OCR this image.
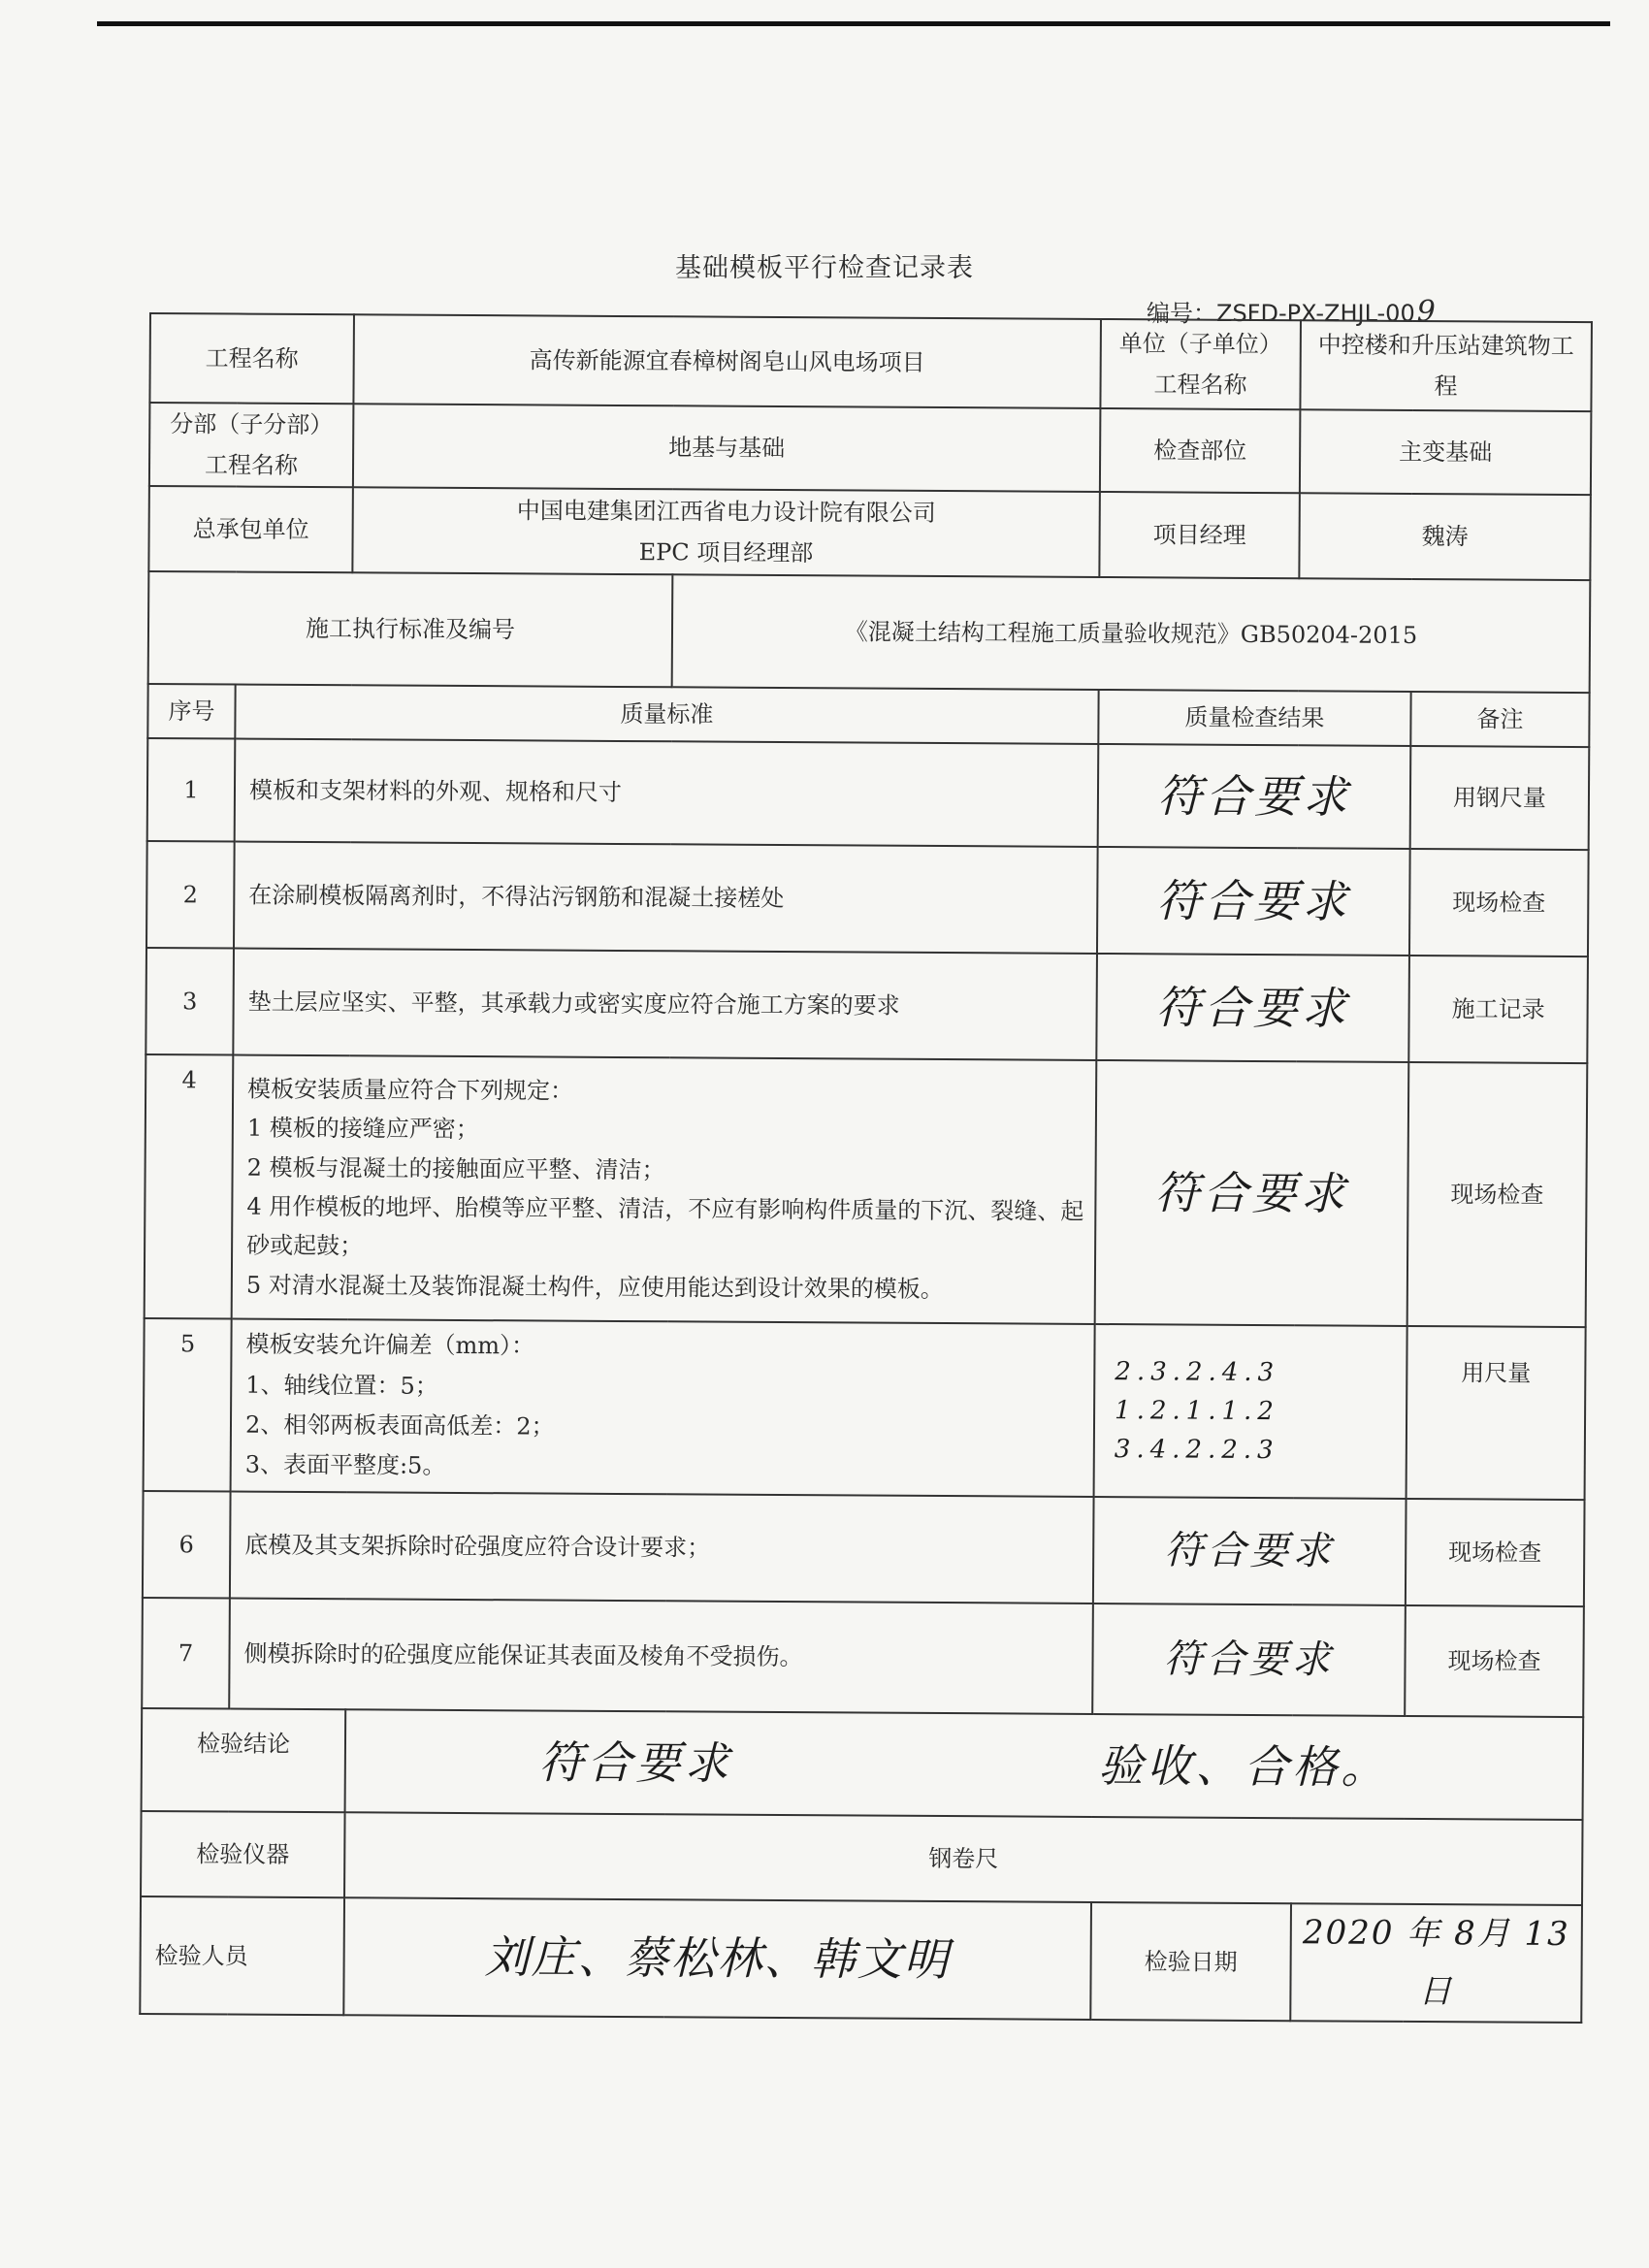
基础模板平行检查记录表
编号：ZSFD-PX-ZHJL-009
工程名称		高传新能源宜春樟树阁皂山风电场项目		单位（子单位）
工程名称	中控楼和升压站建筑物工程	
分部（子分部）
工程名称		地基与基础		检查部位	主变基础	
总承包单位		中国电建集团江西省电力设计院有限公司
EPC 项目经理部		项目经理	魏涛	
施工执行标准及编号			《混凝土结构工程施工质量验收规范》GB50204-2015			
序号	质量标准			质量检查结果		备注
1	模板和支架材料的外观、规格和尺寸			符合要求		用钢尺量
2	在涂刷模板隔离剂时，不得沾污钢筋和混凝土接槎处			符合要求		现场检查
3	垫土层应坚实、平整，其承载力或密实度应符合施工方案的要求			符合要求		施工记录
4	模板安装质量应符合下列规定：
1 模板的接缝应严密；
2 模板与混凝土的接触面应平整、清洁；
4 用作模板的地坪、胎模等应平整、清洁，不应有影响构件质量的下沉、裂缝、起砂或起鼓；
5 对清水混凝土及装饰混凝土构件，应使用能达到设计效果的模板。			符合要求		现场检查
5	模板安装允许偏差（mm）：
1、轴线位置：5；
2、相邻两板表面高低差：2；
3、表面平整度:5。			2.3.2.4.3
1.2.1.1.2
3.4.2.2.3		用尺量
6	底模及其支架拆除时砼强度应符合设计要求；			符合要求		现场检查
7	侧模拆除时的砼强度应能保证其表面及棱角不受损伤。			符合要求		现场检查
检验结论		符合要求 验收、合格。				

检验仪器		钢卷尺				
检验人员		刘庄、蔡松林、韩文明		检验日期	2020 年 8月 13 日	
